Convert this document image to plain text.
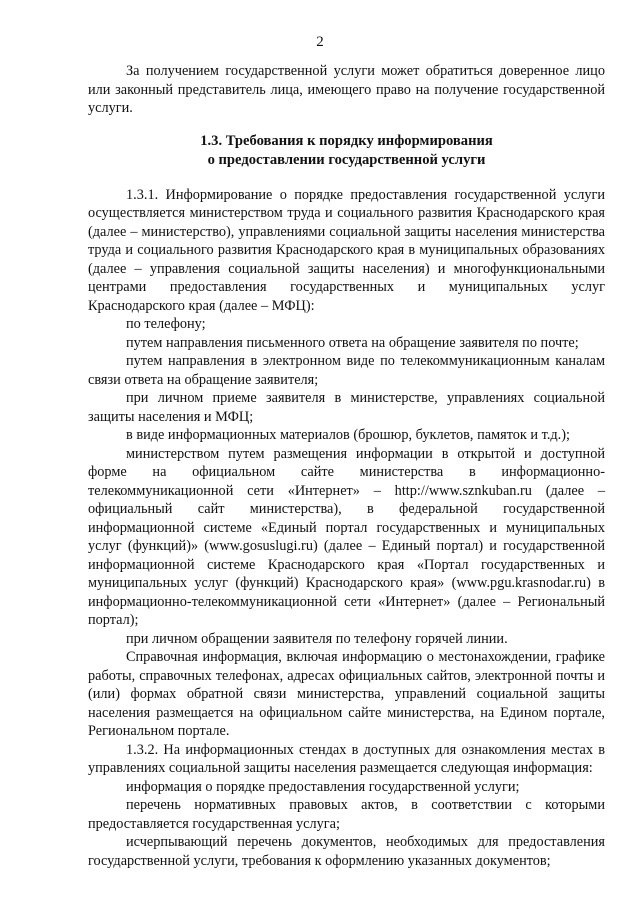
2

За получением государственной услуги может обратиться доверенное лицо или законный представитель лица, имеющего право на получение государственной услуги.

1.3. Требования к порядку информирования
о предоставлении государственной услуги

1.3.1. Информирование о порядке предоставления государственной услуги осуществляется министерством труда и социального развития Краснодарского края (далее – министерство), управлениями социальной защиты населения министерства труда и социального развития Краснодарского края в муниципальных образованиях (далее – управления социальной защиты населения) и многофункциональными центрами предоставления государственных и муниципальных услуг Краснодарского края (далее – МФЦ):

по телефону;

путем направления письменного ответа на обращение заявителя по почте;

путем направления в электронном виде по телекоммуникационным каналам связи ответа на обращение заявителя;

при личном приеме заявителя в министерстве, управлениях социальной защиты населения и МФЦ;

в виде информационных материалов (брошюр, буклетов, памяток и т.д.);

министерством путем размещения информации в открытой и доступной форме на официальном сайте министерства в информационно-телекоммуникационной сети «Интернет» – http://www.sznkuban.ru (далее – официальный сайт министерства), в федеральной государственной информационной системе «Единый портал государственных и муниципальных услуг (функций)» (www.gosuslugi.ru) (далее – Единый портал) и государственной информационной системе Краснодарского края «Портал государственных и муниципальных услуг (функций) Краснодарского края» (www.pgu.krasnodar.ru) в информационно-телекоммуникационной сети «Интернет» (далее – Региональный портал);

при личном обращении заявителя по телефону горячей линии.

Справочная информация, включая информацию о местонахождении, графике работы, справочных телефонах, адресах официальных сайтов, электронной почты и (или) формах обратной связи министерства, управлений социальной защиты населения размещается на официальном сайте министерства, на Едином портале, Региональном портале.

1.3.2. На информационных стендах в доступных для ознакомления местах в управлениях социальной защиты населения размещается следующая информация:

информация о порядке предоставления государственной услуги;

перечень нормативных правовых актов, в соответствии с которыми предоставляется государственная услуга;

исчерпывающий перечень документов, необходимых для предоставления государственной услуги, требования к оформлению указанных документов;
